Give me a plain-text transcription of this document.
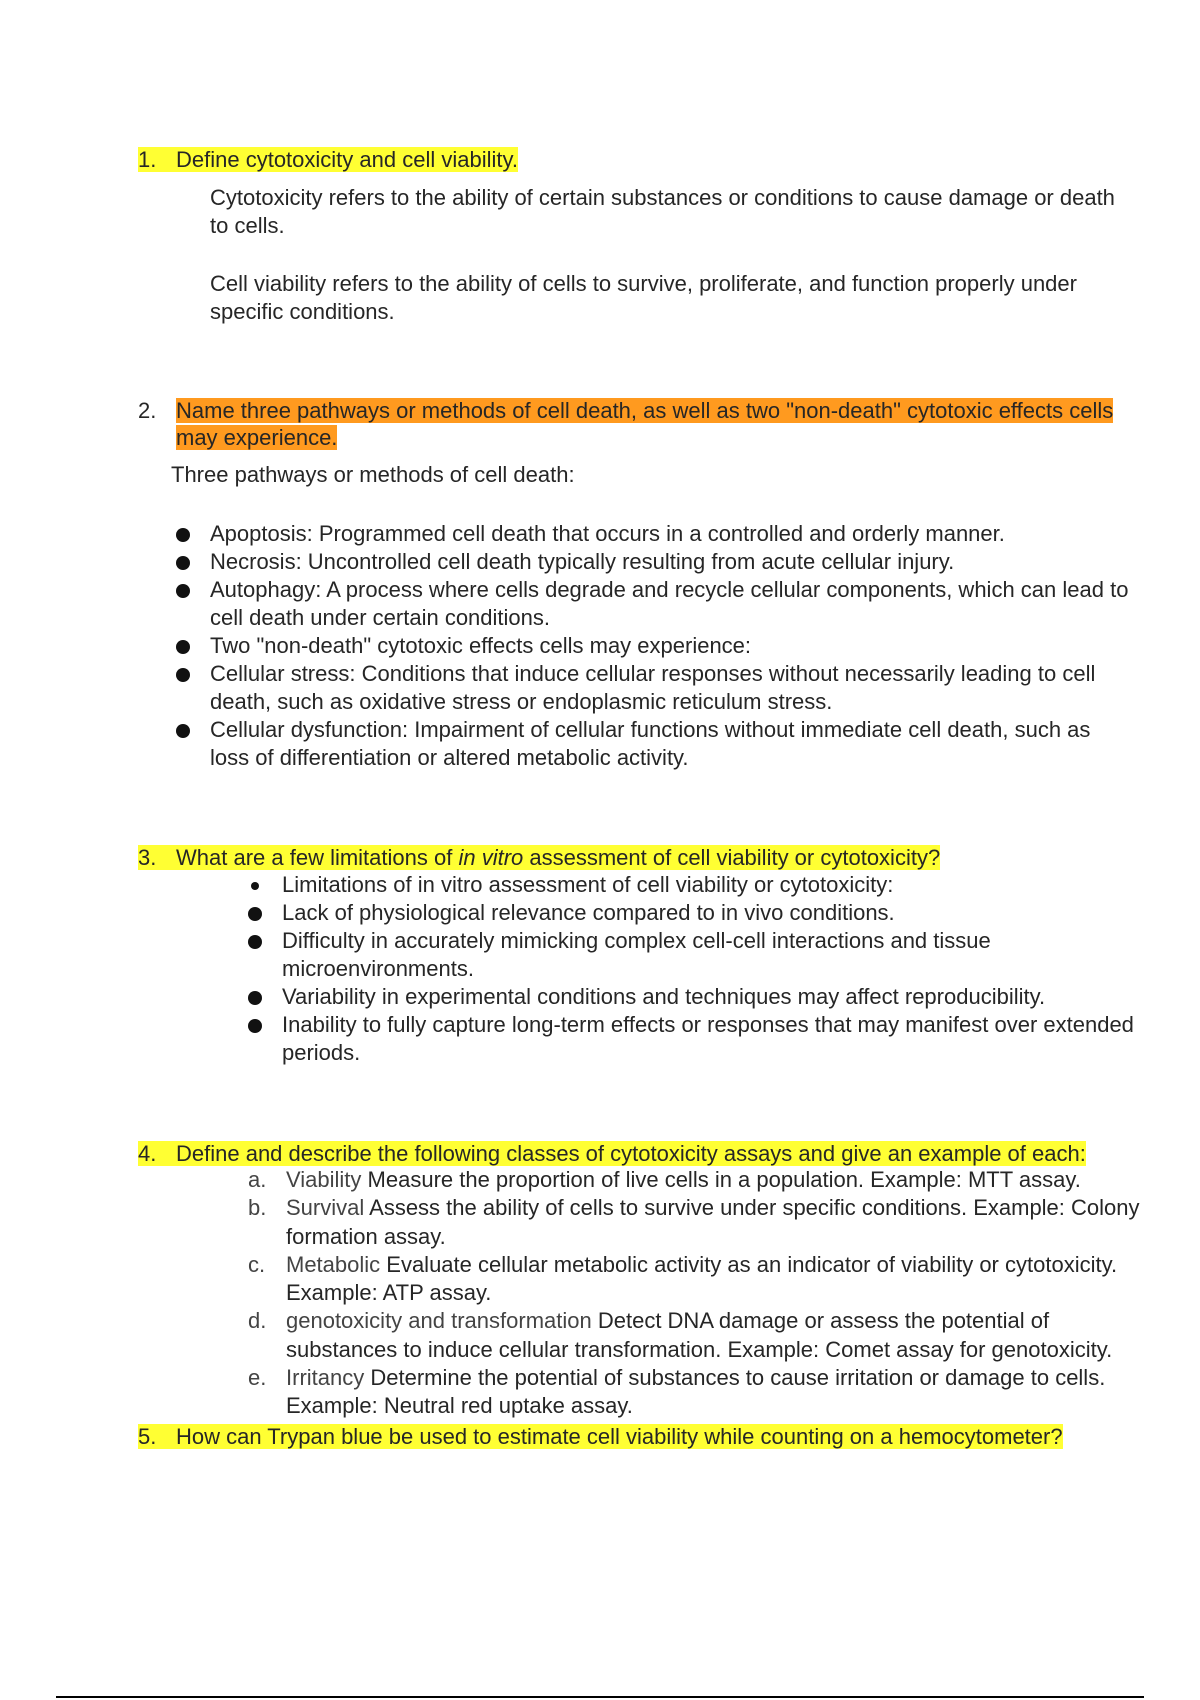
1. Define cytotoxicity and cell viability.
Cytotoxicity refers to the ability of certain substances or conditions to cause damage or death
to cells.
Cell viability refers to the ability of cells to survive, proliferate, and function properly under
specific conditions.
2. Name three pathways or methods of cell death, as well as two "non-death" cytotoxic effects cells
may experience.
Three pathways or methods of cell death:
Apoptosis: Programmed cell death that occurs in a controlled and orderly manner.
Necrosis: Uncontrolled cell death typically resulting from acute cellular injury.
Autophagy: A process where cells degrade and recycle cellular components, which can lead to
cell death under certain conditions.
Two "non-death" cytotoxic effects cells may experience:
Cellular stress: Conditions that induce cellular responses without necessarily leading to cell
death, such as oxidative stress or endoplasmic reticulum stress.
Cellular dysfunction: Impairment of cellular functions without immediate cell death, such as
loss of differentiation or altered metabolic activity.
3. What are a few limitations of in vitro assessment of cell viability or cytotoxicity?
Limitations of in vitro assessment of cell viability or cytotoxicity:
Lack of physiological relevance compared to in vivo conditions.
Difficulty in accurately mimicking complex cell-cell interactions and tissue
microenvironments.
Variability in experimental conditions and techniques may affect reproducibility.
Inability to fully capture long-term effects or responses that may manifest over extended
periods.
4. Define and describe the following classes of cytotoxicity assays and give an example of each:
a. Viability Measure the proportion of live cells in a population. Example: MTT assay.
b. Survival Assess the ability of cells to survive under specific conditions. Example: Colony
formation assay.
c. Metabolic Evaluate cellular metabolic activity as an indicator of viability or cytotoxicity.
Example: ATP assay.
d. genotoxicity and transformation Detect DNA damage or assess the potential of
substances to induce cellular transformation. Example: Comet assay for genotoxicity.
e. Irritancy Determine the potential of substances to cause irritation or damage to cells.
Example: Neutral red uptake assay.
5. How can Trypan blue be used to estimate cell viability while counting on a hemocytometer?
